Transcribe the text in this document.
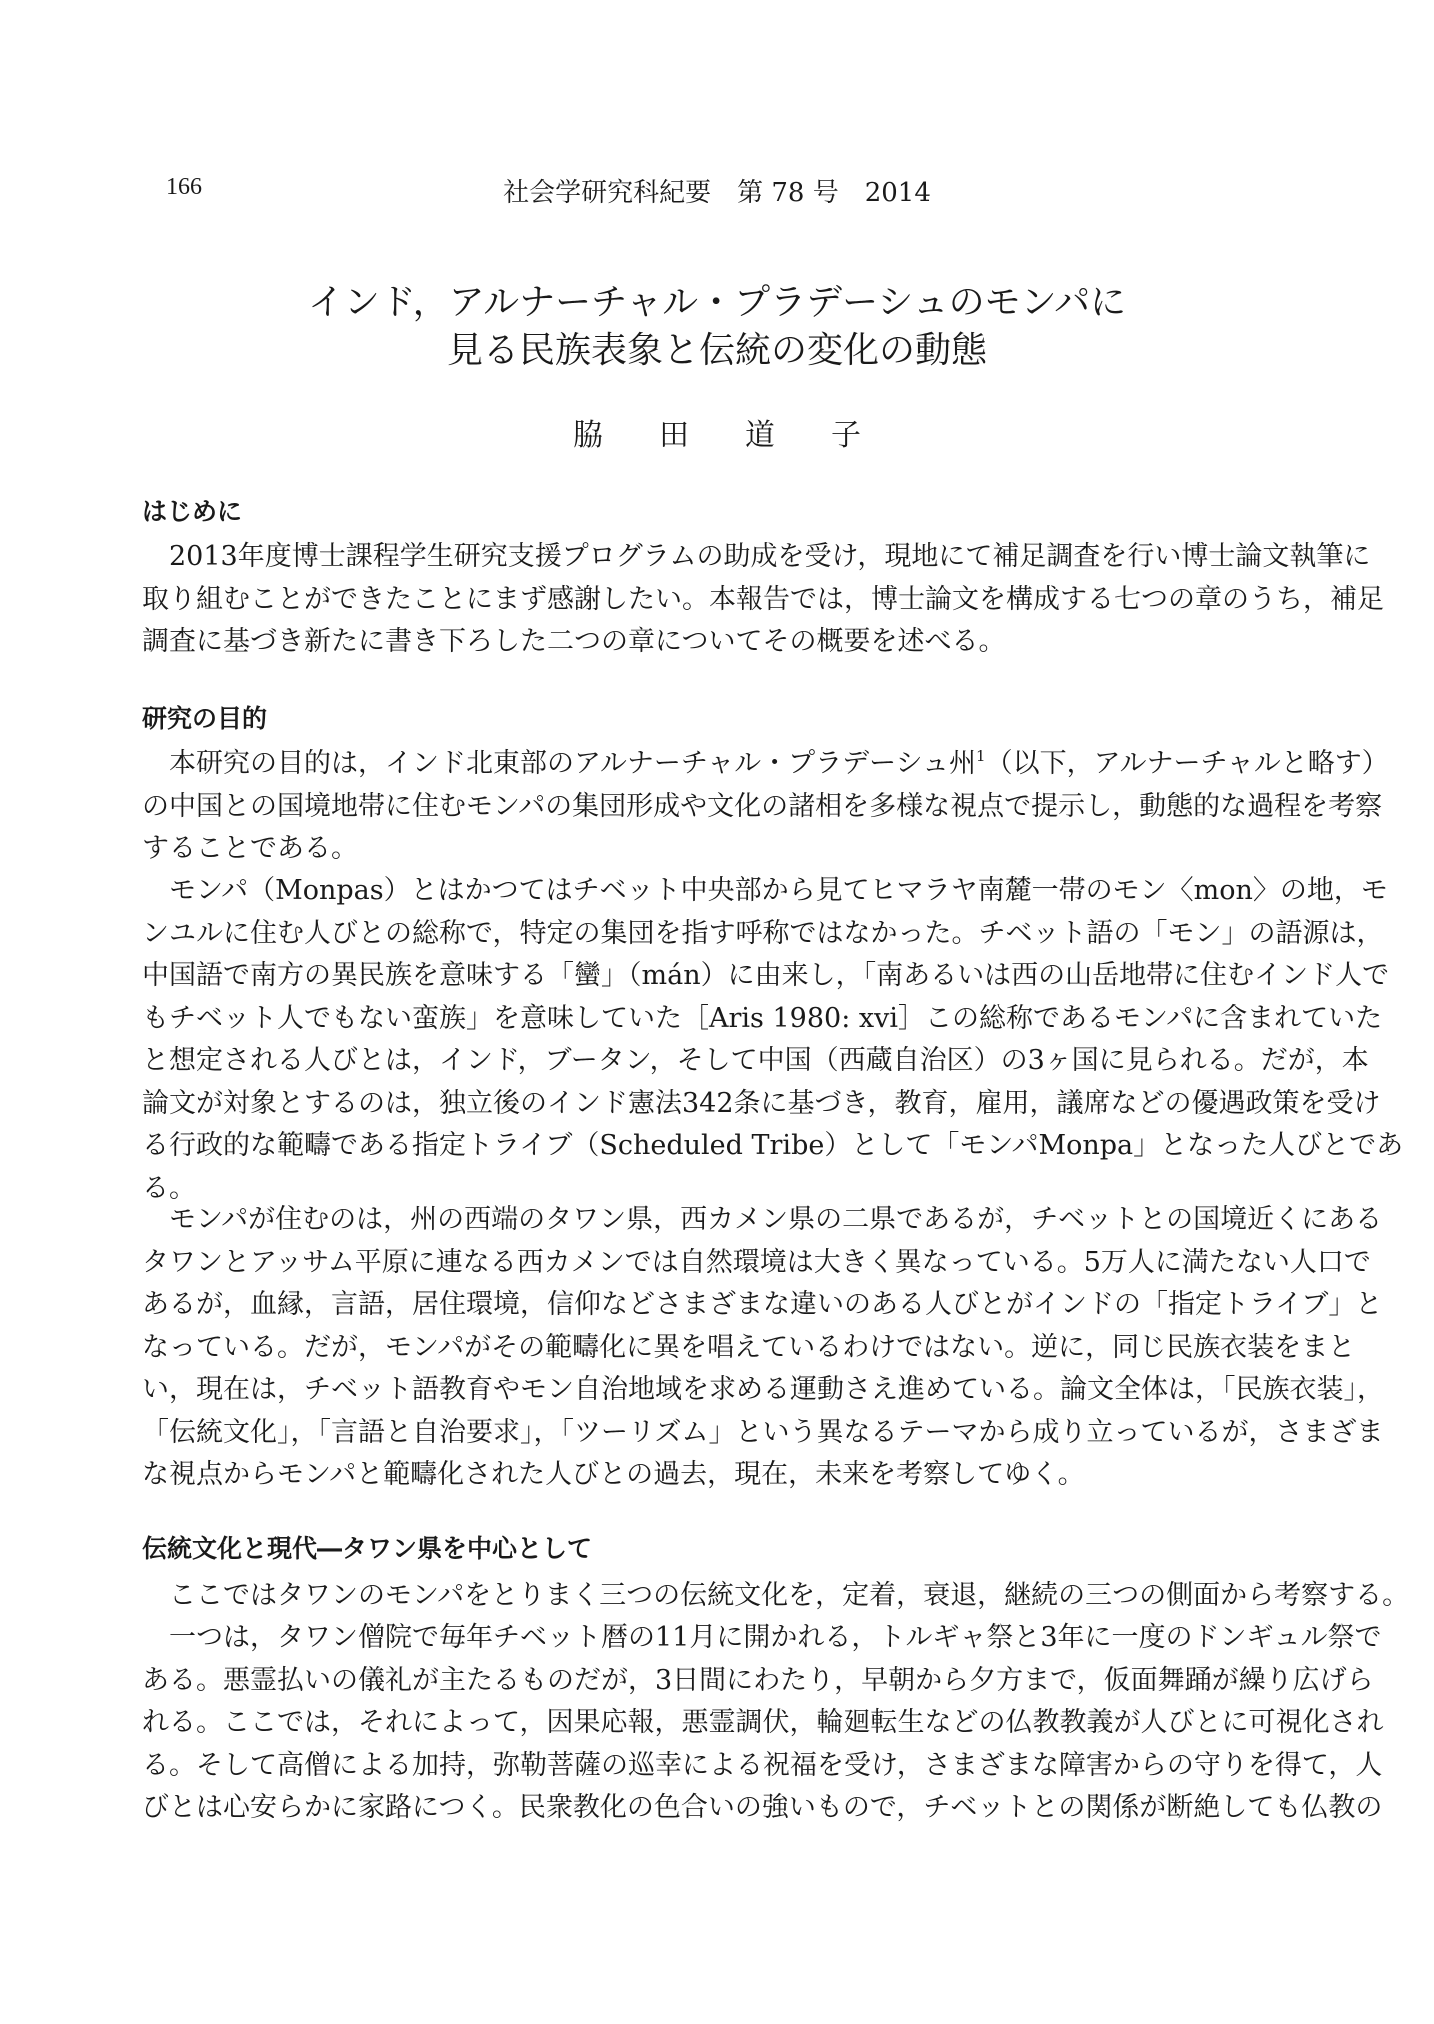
166	社会学研究科紀要　第 78 号　2014
インド，アルナーチャル・プラデーシュのモンパに
見る民族表象と伝統の変化の動態
脇 田 道 子
はじめに
2013年度博士課程学生研究支援プログラムの助成を受け，現地にて補足調査を行い博士論文執筆に
取り組むことができたことにまず感謝したい。本報告では，博士論文を構成する七つの章のうち，補足
調査に基づき新たに書き下ろした二つの章についてその概要を述べる。
研究の目的
本研究の目的は，インド北東部のアルナーチャル・プラデーシュ州$^1$（以下，アルナーチャルと略す）
の中国との国境地帯に住むモンパの集団形成や文化の諸相を多様な視点で提示し，動態的な過程を考察
することである。
モンパ（Monpas）とはかつてはチベット中央部から見てヒマラヤ南麓一帯のモン〈mon〉の地，モ
ンユルに住む人びとの総称で，特定の集団を指す呼称ではなかった。チベット語の「モン」の語源は，
中国語で南方の異民族を意味する「蠻」（mán）に由来し，「南あるいは西の山岳地帯に住むインド人で
もチベット人でもない蛮族」を意味していた［Aris 1980: xvi］この総称であるモンパに含まれていた
と想定される人びとは，インド，ブータン，そして中国（西蔵自治区）の3ヶ国に見られる。だが，本
論文が対象とするのは，独立後のインド憲法342条に基づき，教育，雇用，議席などの優遇政策を受け
る行政的な範疇である指定トライブ（Scheduled Tribe）として「モンパMonpa」となった人びとであ
る。
モンパが住むのは，州の西端のタワン県，西カメン県の二県であるが，チベットとの国境近くにある
タワンとアッサム平原に連なる西カメンでは自然環境は大きく異なっている。5万人に満たない人口で
あるが，血縁，言語，居住環境，信仰などさまざまな違いのある人びとがインドの「指定トライブ」と
なっている。だが，モンパがその範疇化に異を唱えているわけではない。逆に，同じ民族衣装をまと
い，現在は，チベット語教育やモン自治地域を求める運動さえ進めている。論文全体は，「民族衣装」，
「伝統文化」，「言語と自治要求」，「ツーリズム」という異なるテーマから成り立っているが，さまざま
な視点からモンパと範疇化された人びとの過去，現在，未来を考察してゆく。
伝統文化と現代―タワン県を中心として
ここではタワンのモンパをとりまく三つの伝統文化を，定着，衰退，継続の三つの側面から考察する。
一つは，タワン僧院で毎年チベット暦の11月に開かれる，トルギャ祭と3年に一度のドンギュル祭で
ある。悪霊払いの儀礼が主たるものだが，3日間にわたり，早朝から夕方まで，仮面舞踊が繰り広げら
れる。ここでは，それによって，因果応報，悪霊調伏，輪廻転生などの仏教教義が人びとに可視化され
る。そして高僧による加持，弥勒菩薩の巡幸による祝福を受け，さまざまな障害からの守りを得て，人
びとは心安らかに家路につく。民衆教化の色合いの強いもので，チベットとの関係が断絶しても仏教の
